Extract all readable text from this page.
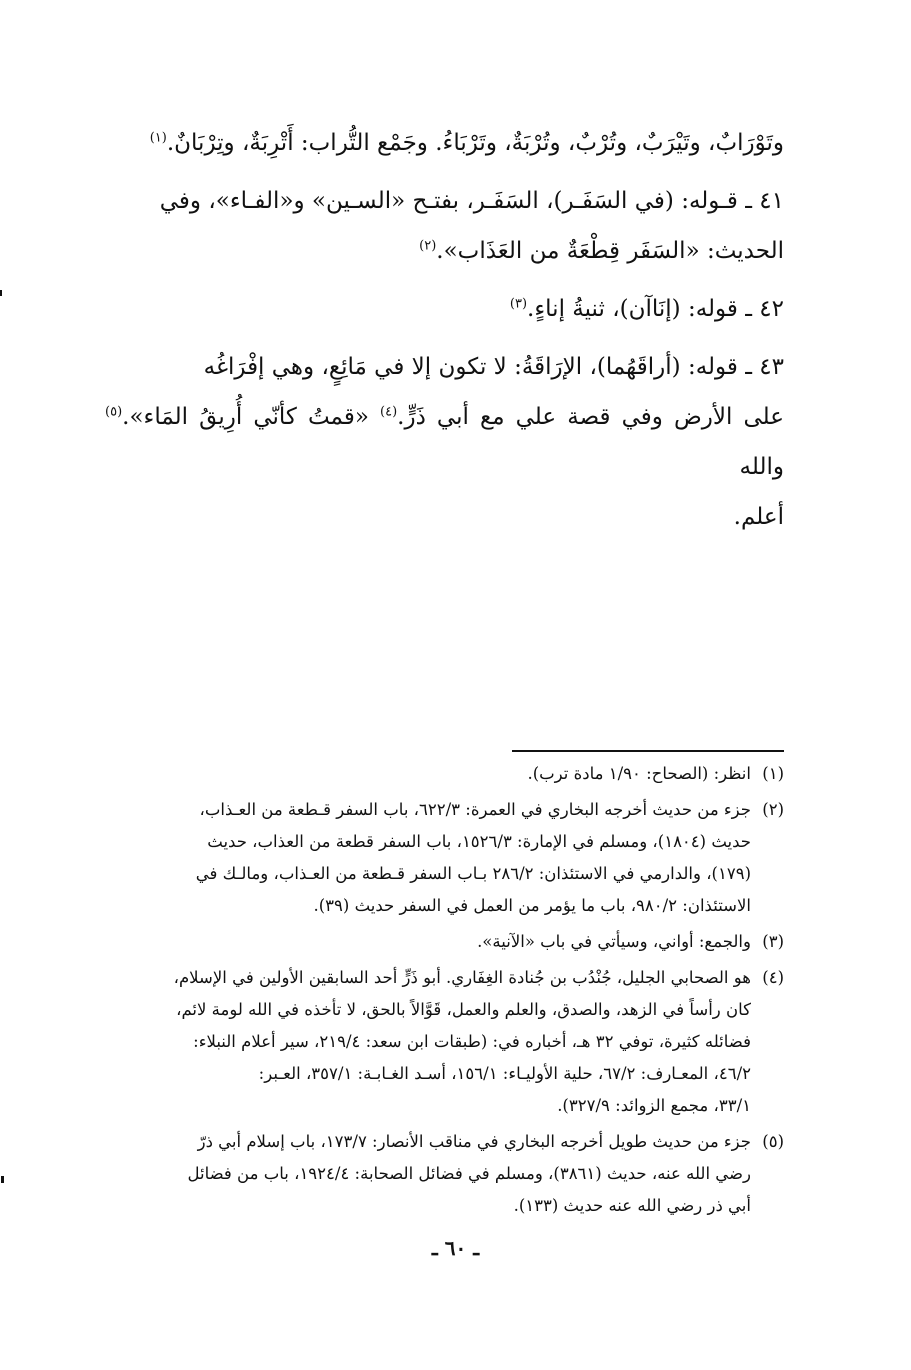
وتَوْرَابٌ، وتَيْرَبٌ، وتُرْبٌ، وتُرْبَةٌ، وتَرْبَاءُ. وجَمْع التُّراب: أَتْرِبَةٌ، وتِرْبَانٌ.$^{(١)}$

٤١ ـ قـوله: (في السَفَـر)، السَفَـر، بفتـح «السـين» و«الفـاء»، وفي
الحديث: «السَفَر قِطْعَةٌ من العَذَاب».$^{(٢)}$

٤٢ ـ قوله: (إنَاآن)، ثنيةُ إناءٍ.$^{(٣)}$

٤٣ ـ قوله: (أراقَهُما)، الإرَاقَةُ: لا تكون إلا في مَائِعٍ، وهي إفْرَاغُه
على الأرض وفي قصة علي مع أبي ذَرٍّ.$^{(٤)}$ «قمتُ كأنّي أُرِيقُ المَاء».$^{(٥)}$ والله
أعلم.

(١)
انظر: (الصحاح: ١/٩٠ مادة ترب).
(٢)
جزء من حديث أخرجه البخاري في العمرة: ٦٢٢/٣، باب السفر قـطعة من العـذاب،
حديث (١٨٠٤)، ومسلم في الإمارة: ١٥٢٦/٣، باب السفر قطعة من العذاب، حديث
(١٧٩)، والدارمي في الاستئذان: ٢٨٦/٢ بـاب السفر قـطعة من العـذاب، ومالـك في
الاستئذان: ٩٨٠/٢، باب ما يؤمر من العمل في السفر حديث (٣٩).
(٣)
والجمع: أواني، وسيأتي في باب «الآنية».
(٤)
هو الصحابي الجليل، جُنْدُب بن جُنادة الغِفَاري. أبو ذَرٍّ أحد السابقين الأولين في الإسلام،
كان رأساً في الزهد، والصدق، والعلم والعمل، قَوَّالاً بالحق، لا تأخذه في الله لومة لائم،
فضائله كثيرة، توفي ٣٢ هـ، أخباره في: (طبقات ابن سعد: ٢١٩/٤، سير أعلام النبلاء:
٤٦/٢، المعـارف: ٦٧/٢، حلية الأوليـاء: ١٥٦/١، أسـد الغـابـة: ٣٥٧/١، العـبر:
٣٣/١، مجمع الزوائد: ٣٢٧/٩).
(٥)
جزء من حديث طويل أخرجه البخاري في مناقب الأنصار: ١٧٣/٧، باب إسلام أبي ذرّ
رضي الله عنه، حديث (٣٨٦١)، ومسلم في فضائل الصحابة: ١٩٢٤/٤، باب من فضائل
أبي ذر رضي الله عنه حديث (١٣٣).
ـ ٦٠ ـ
